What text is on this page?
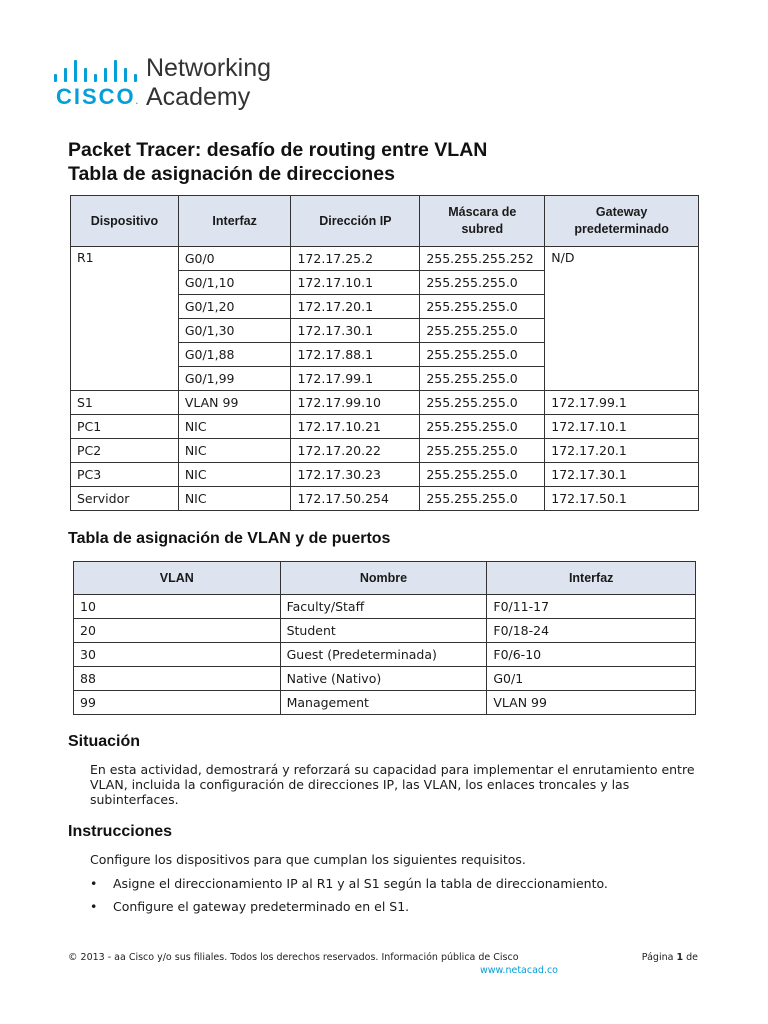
CISCO.
Networking
Academy
Packet Tracer: desafío de routing entre VLAN
Tabla de asignación de direcciones
Dispositivo	Interfaz	Dirección IP	Máscara de subred	Gateway predeterminado
R1	G0/0	172.17.25.2	255.255.255.252	N/D
	G0/1,10	172.17.10.1	255.255.255.0	
	G0/1,20	172.17.20.1	255.255.255.0	
	G0/1,30	172.17.30.1	255.255.255.0	
	G0/1,88	172.17.88.1	255.255.255.0	
	G0/1,99	172.17.99.1	255.255.255.0	
S1	VLAN 99	172.17.99.10	255.255.255.0	172.17.99.1
PC1	NIC	172.17.10.21	255.255.255.0	172.17.10.1
PC2	NIC	172.17.20.22	255.255.255.0	172.17.20.1
PC3	NIC	172.17.30.23	255.255.255.0	172.17.30.1
Servidor	NIC	172.17.50.254	255.255.255.0	172.17.50.1
Tabla de asignación de VLAN y de puertos
VLAN	Nombre	Interfaz
10	Faculty/Staff	F0/11-17
20	Student	F0/18-24
30	Guest (Predeterminada)	F0/6-10
88	Native (Nativo)	G0/1
99	Management	VLAN 99
Situación

En esta actividad, demostrará y reforzará su capacidad para implementar el enrutamiento entre VLAN, incluida la configuración de direcciones IP, las VLAN, los enlaces troncales y las subinterfaces.

Instrucciones

Configure los dispositivos para que cumplan los siguientes requisitos.

• Asigne el direccionamiento IP al R1 y al S1 según la tabla de direccionamiento.
• Configure el gateway predeterminado en el S1.
© 2013 - aa Cisco y/o sus filiales. Todos los derechos reservados. Información pública de Cisco	Página 1 de
www.netacad.co
